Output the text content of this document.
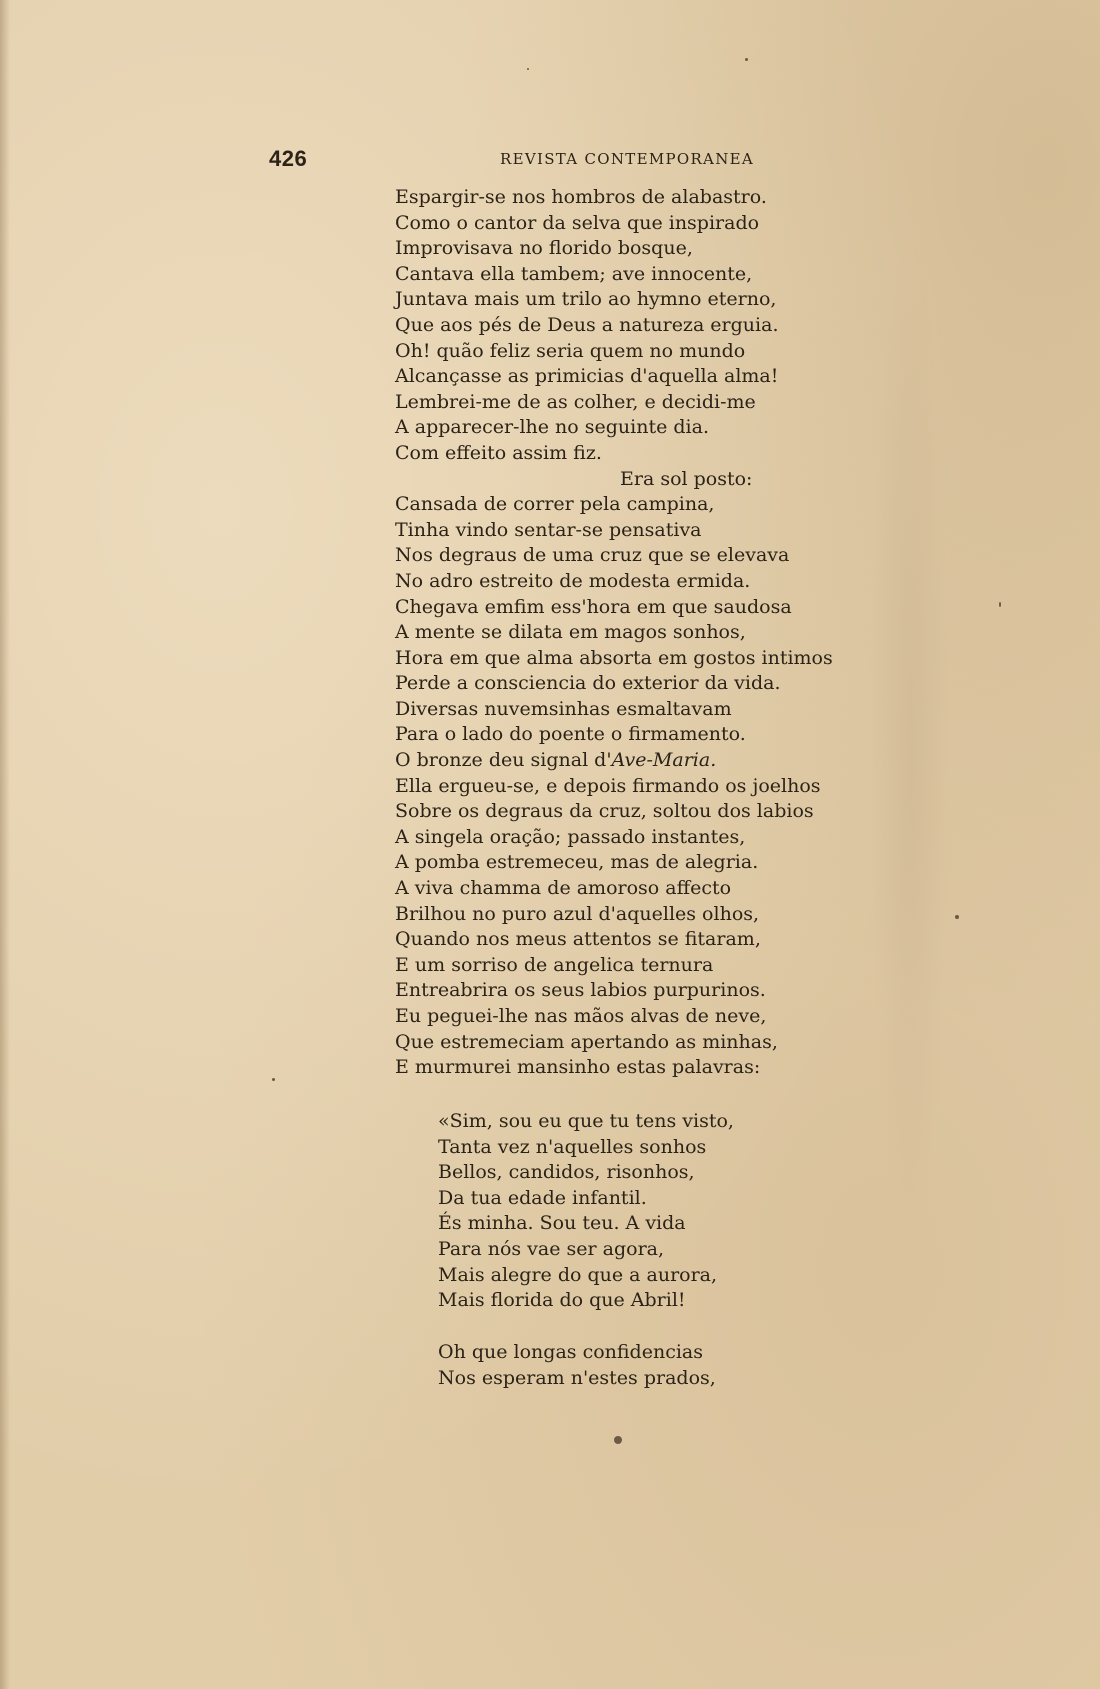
426	REVISTA CONTEMPORANEA
Espargir-se nos hombros de alabastro.
Como o cantor da selva que inspirado
Improvisava no florido bosque,
Cantava ella tambem; ave innocente,
Juntava mais um trilo ao hymno eterno,
Que aos pés de Deus a natureza erguia.
Oh! quão feliz seria quem no mundo
Alcançasse as primicias d'aquella alma!
Lembrei-me de as colher, e decidi-me
A apparecer-lhe no seguinte dia.
Com effeito assim fiz.
Era sol posto:
Cansada de correr pela campina,
Tinha vindo sentar-se pensativa
Nos degraus de uma cruz que se elevava
No adro estreito de modesta ermida.
Chegava emfim ess'hora em que saudosa
A mente se dilata em magos sonhos,
Hora em que alma absorta em gostos intimos
Perde a consciencia do exterior da vida.
Diversas nuvemsinhas esmaltavam
Para o lado do poente o firmamento.
O bronze deu signal d'Ave-Maria.
Ella ergueu-se, e depois firmando os joelhos
Sobre os degraus da cruz, soltou dos labios
A singela oração; passado instantes,
A pomba estremeceu, mas de alegria.
A viva chamma de amoroso affecto
Brilhou no puro azul d'aquelles olhos,
Quando nos meus attentos se fitaram,
E um sorriso de angelica ternura
Entreabrira os seus labios purpurinos.
Eu peguei-lhe nas mãos alvas de neve,
Que estremeciam apertando as minhas,
E murmurei mansinho estas palavras:
«Sim, sou eu que tu tens visto,
Tanta vez n'aquelles sonhos
Bellos, candidos, risonhos,
Da tua edade infantil.
És minha. Sou teu. A vida
Para nós vae ser agora,
Mais alegre do que a aurora,
Mais florida do que Abril!
Oh que longas confidencias
Nos esperam n'estes prados,
